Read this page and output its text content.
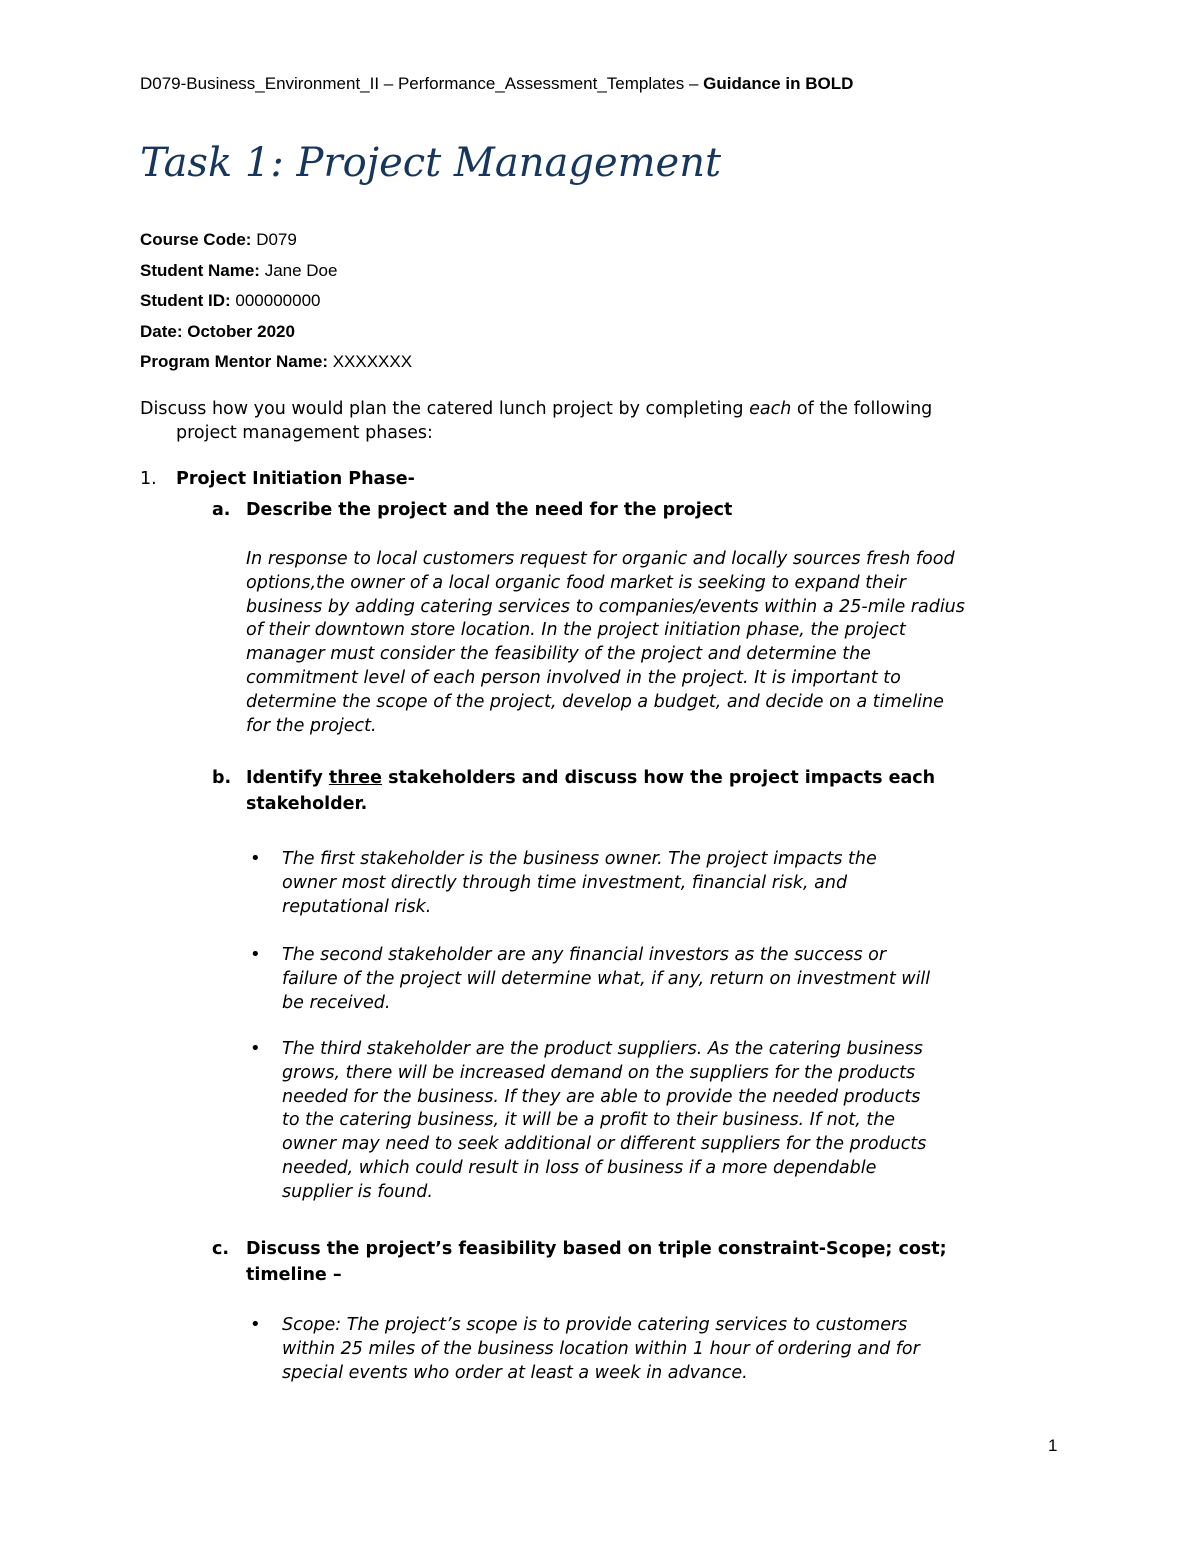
D079-Business_Environment_II – Performance_Assessment_Templates – Guidance in BOLD
Task 1: Project Management
Course Code: D079
Student Name: Jane Doe
Student ID: 000000000
Date: October 2020
Program Mentor Name: XXXXXXX
Discuss how you would plan the catered lunch project by completing each of the following
project management phases:
1. Project Initiation Phase-
a. Describe the project and the need for the project
In response to local customers request for organic and locally sources fresh food
options,the owner of a local organic food market is seeking to expand their
business by adding catering services to companies/events within a 25-mile radius
of their downtown store location. In the project initiation phase, the project
manager must consider the feasibility of the project and determine the
commitment level of each person involved in the project. It is important to
determine the scope of the project, develop a budget, and decide on a timeline
for the project.
b. Identify three stakeholders and discuss how the project impacts each
stakeholder.
• The first stakeholder is the business owner. The project impacts the
owner most directly through time investment, financial risk, and
reputational risk.
• The second stakeholder are any financial investors as the success or
failure of the project will determine what, if any, return on investment will
be received.
• The third stakeholder are the product suppliers. As the catering business
grows, there will be increased demand on the suppliers for the products
needed for the business. If they are able to provide the needed products
to the catering business, it will be a profit to their business. If not, the
owner may need to seek additional or different suppliers for the products
needed, which could result in loss of business if a more dependable
supplier is found.
c. Discuss the project’s feasibility based on triple constraint-Scope; cost;
timeline –
• Scope: The project’s scope is to provide catering services to customers
within 25 miles of the business location within 1 hour of ordering and for
special events who order at least a week in advance.
1
